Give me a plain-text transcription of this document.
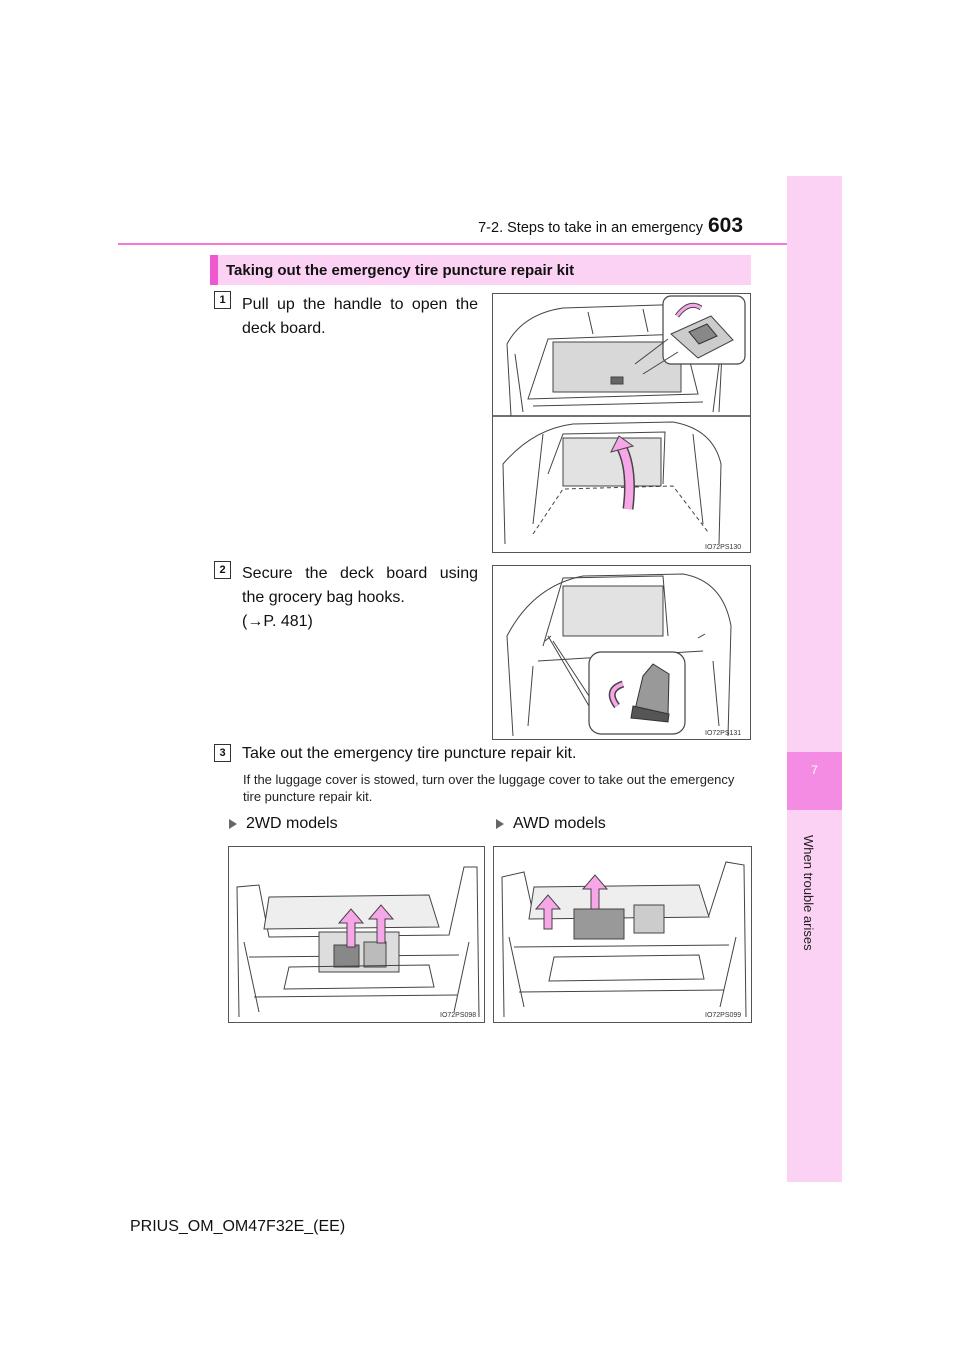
7-2. Steps to take in an emergency 603
7
When trouble arises
Taking out the emergency tire puncture repair kit
1	Pull up the handle to open the
deck board.
IO72PS130
2	Secure the deck board using
the grocery bag hooks.
(→P. 481)
IO72PS131
3	Take out the emergency tire puncture repair kit.
If the luggage cover is stowed, turn over the luggage cover to take out the emergency tire puncture repair kit.
2WD models	AWD models
IO72PS098	IO72PS099
PRIUS_OM_OM47F32E_(EE)
